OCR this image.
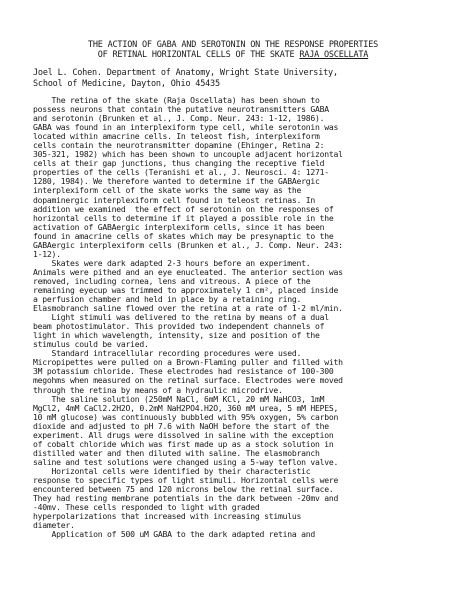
THE ACTION OF GABA AND SEROTONIN ON THE RESPONSE PROPERTIES
OF RETINAL HORIZONTAL CELLS OF THE SKATE RAJA OSCELLATA
Joel L. Cohen. Department of Anatomy, Wright State University,
School of Medicine, Dayton, Ohio 45435
The retina of the skate (Raja Oscellata) has been shown to
possess neurons that contain the putative neurotransmitters GABA
and serotonin (Brunken et al., J. Comp. Neur. 243: 1-12, 1986).
GABA was found in an interplexiform type cell, while serotonin was
located within amacrine cells. In teleost fish, interplexiform
cells contain the neurotransmitter dopamine (Ehinger, Retina 2:
305-321, 1982) which has been shown to uncouple adjacent horizontal
cells at their gap junctions, thus changing the receptive field
properties of the cells (Teranishi et al., J. Neurosci. 4: 1271-
1280, 1984). We therefore wanted to determine if the GABAergic
interplexiform cell of the skate works the same way as the
dopaminergic interplexiform cell found in teleost retinas. In
addition we examined  the effect of serotonin on the responses of
horizontal cells to determine if it played a possible role in the
activation of GABAergic interplexiform cells, since it has been
found in amacrine cells of skates which may be presynaptic to the
GABAergic interplexiform cells (Brunken et al., J. Comp. Neur. 243:
1-12).
Skates were dark adapted 2-3 hours before an experiment.
Animals were pithed and an eye enucleated. The anterior section was
removed, including cornea, lens and vitreous. A piece of the
remaining eyecup was trimmed to approximately 1 cm², placed inside
a perfusion chamber and held in place by a retaining ring.
Elasmobranch saline flowed over the retina at a rate of 1-2 ml/min.
Light stimuli was delivered to the retina by means of a dual
beam photostimulator. This provided two independent channels of
light in which wavelength, intensity, size and position of the
stimulus could be varied.
Standard intracellular recording procedures were used.
Micropipettes were pulled on a Brown-Flaming puller and filled with
3M potassium chloride. These electrodes had resistance of 100-300
megohms when measured on the retinal surface. Electrodes were moved
through the retina by means of a hydraulic microdrive.
The saline solution (250mM NaCl, 6mM KCl, 20 mM NaHCO3, 1mM
MgCl2, 4mM CaCl2.2H2O, 0.2mM NaH2PO4.H2O, 360 mM urea, 5 mM HEPES,
10 mM glucose) was continuously bubbled with 95% oxygen, 5% carbon
dioxide and adjusted to pH 7.6 with NaOH before the start of the
experiment. All drugs were dissolved in saline with the exception
of cobalt chloride which was first made up as a stock solution in
distilled water and then diluted with saline. The elasmobranch
saline and test solutions were changed using a 5-way teflon valve.
Horizontal cells were identified by their characteristic
response to specific types of light stimuli. Horizontal cells were
encountered between 75 and 120 microns below the retinal surface.
They had resting membrane potentials in the dark between -20mv and
-40mv. These cells responded to light with graded
hyperpolarizations that increased with increasing stimulus
diameter.
Application of 500 uM GABA to the dark adapted retina and
